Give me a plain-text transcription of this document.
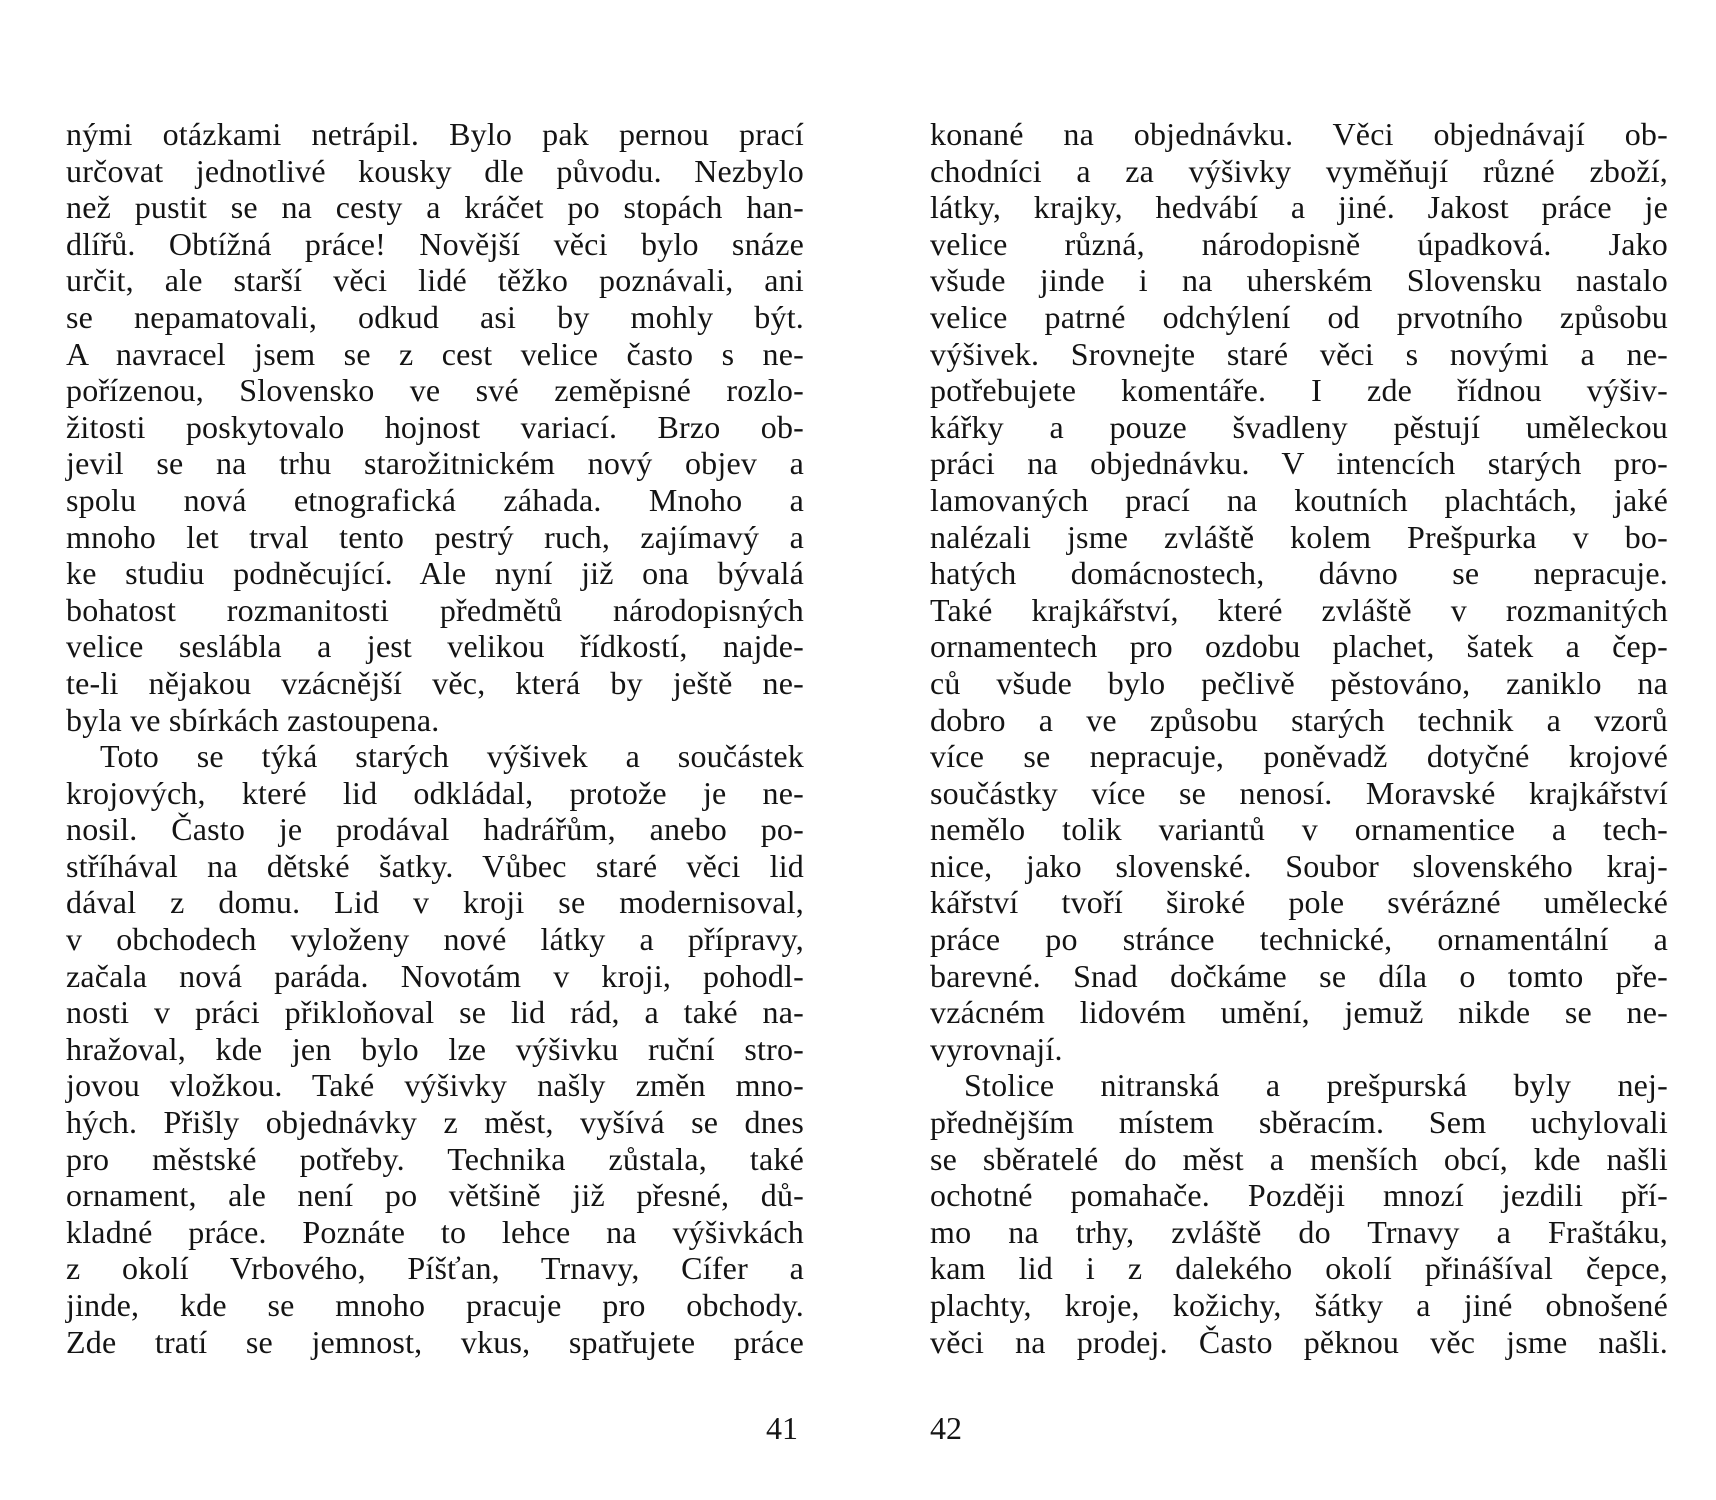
nými otázkami netrápil. Bylo pak pernou prací
určovat jednotlivé kousky dle původu. Nezbylo
než pustit se na cesty a kráčet po stopách han-
dlířů. Obtížná práce! Novější věci bylo snáze
určit, ale starší věci lidé těžko poznávali, ani
se nepamatovali, odkud asi by mohly být.
A navracel jsem se z cest velice často s ne-
pořízenou, Slovensko ve své zeměpisné rozlo-
žitosti poskytovalo hojnost variací. Brzo ob-
jevil se na trhu starožitnickém nový objev a
spolu nová etnografická záhada. Mnoho a
mnoho let trval tento pestrý ruch, zajímavý a
ke studiu podněcující. Ale nyní již ona bývalá
bohatost rozmanitosti předmětů národopisných
velice seslábla a jest velikou řídkostí, najde-
te-li nějakou vzácnější věc, která by ještě ne-
byla ve sbírkách zastoupena.
Toto se týká starých výšivek a součástek
krojových, které lid odkládal, protože je ne-
nosil. Často je prodával hadrářům, anebo po-
stříhával na dětské šatky. Vůbec staré věci lid
dával z domu. Lid v kroji se modernisoval,
v obchodech vyloženy nové látky a přípravy,
začala nová paráda. Novotám v kroji, pohodl-
nosti v práci přikloňoval se lid rád, a také na-
hražoval, kde jen bylo lze výšivku ruční stro-
jovou vložkou. Také výšivky našly změn mno-
hých. Přišly objednávky z měst, vyšívá se dnes
pro městské potřeby. Technika zůstala, také
ornament, ale není po většině již přesné, dů-
kladné práce. Poznáte to lehce na výšivkách
z okolí Vrbového, Píšťan, Trnavy, Cífer a
jinde, kde se mnoho pracuje pro obchody.
Zde tratí se jemnost, vkus, spatřujete práce
konané na objednávku. Věci objednávají ob-
chodníci a za výšivky vyměňují různé zboží,
látky, krajky, hedvábí a jiné. Jakost práce je
velice různá, národopisně úpadková. Jako
všude jinde i na uherském Slovensku nastalo
velice patrné odchýlení od prvotního způsobu
výšivek. Srovnejte staré věci s novými a ne-
potřebujete komentáře. I zde řídnou výšiv-
kářky a pouze švadleny pěstují uměleckou
práci na objednávku. V intencích starých pro-
lamovaných prací na koutních plachtách, jaké
nalézali jsme zvláště kolem Prešpurka v bo-
hatých domácnostech, dávno se nepracuje.
Také krajkářství, které zvláště v rozmanitých
ornamentech pro ozdobu plachet, šatek a čep-
ců všude bylo pečlivě pěstováno, zaniklo na
dobro a ve způsobu starých technik a vzorů
více se nepracuje, poněvadž dotyčné krojové
součástky více se nenosí. Moravské krajkářství
nemělo tolik variantů v ornamentice a tech-
nice, jako slovenské. Soubor slovenského kraj-
kářství tvoří široké pole svérázné umělecké
práce po stránce technické, ornamentální a
barevné. Snad dočkáme se díla o tomto pře-
vzácném lidovém umění, jemuž nikde se ne-
vyrovnají.
Stolice nitranská a prešpurská byly nej-
přednějším místem sběracím. Sem uchylovali
se sběratelé do měst a menších obcí, kde našli
ochotné pomahače. Později mnozí jezdili pří-
mo na trhy, zvláště do Trnavy a Fraštáku,
kam lid i z dalekého okolí přinášíval čepce,
plachty, kroje, kožichy, šátky a jiné obnošené
věci na prodej. Často pěknou věc jsme našli.
41	42
